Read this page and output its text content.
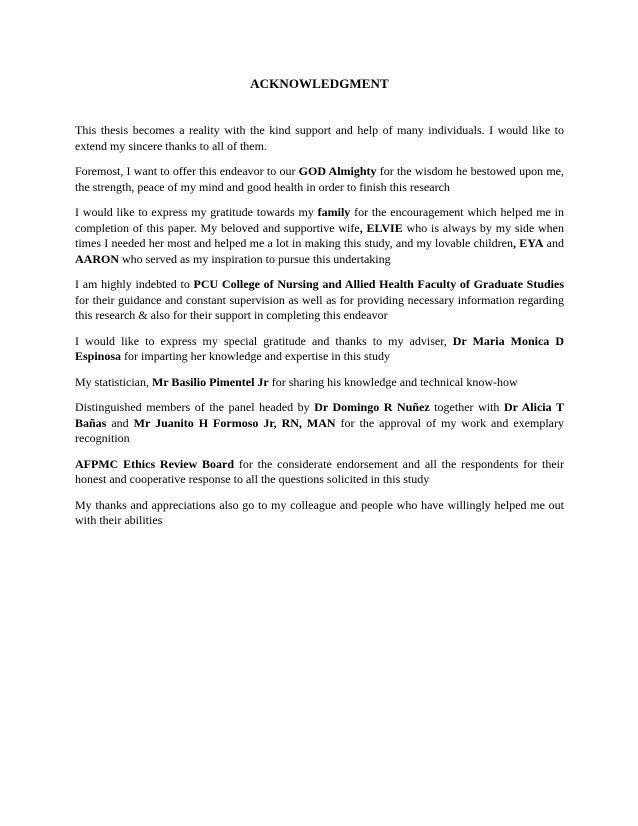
ACKNOWLEDGMENT

This thesis becomes a reality with the kind support and help of many individuals. I would like to extend my sincere thanks to all of them.

Foremost, I want to offer this endeavor to our GOD Almighty for the wisdom he bestowed upon me, the strength, peace of my mind and good health in order to finish this research

I would like to express my gratitude towards my family for the encouragement which helped me in completion of this paper. My beloved and supportive wife, ELVIE who is always by my side when times I needed her most and helped me a lot in making this study, and my lovable children, EYA and AARON who served as my inspiration to pursue this undertaking

I am highly indebted to PCU College of Nursing and Allied Health Faculty of Graduate Studies for their guidance and constant supervision as well as for providing necessary information regarding this research & also for their support in completing this endeavor

I would like to express my special gratitude and thanks to my adviser, Dr Maria Monica D Espinosa for imparting her knowledge and expertise in this study

My statistician, Mr Basilio Pimentel Jr for sharing his knowledge and technical know-how

Distinguished members of the panel headed by Dr Domingo R Nuñez together with Dr Alicia T Bañas and Mr Juanito H Formoso Jr, RN, MAN for the approval of my work and exemplary recognition

AFPMC Ethics Review Board for the considerate endorsement and all the respondents for their honest and cooperative response to all the questions solicited in this study

My thanks and appreciations also go to my colleague and people who have willingly helped me out with their abilities
